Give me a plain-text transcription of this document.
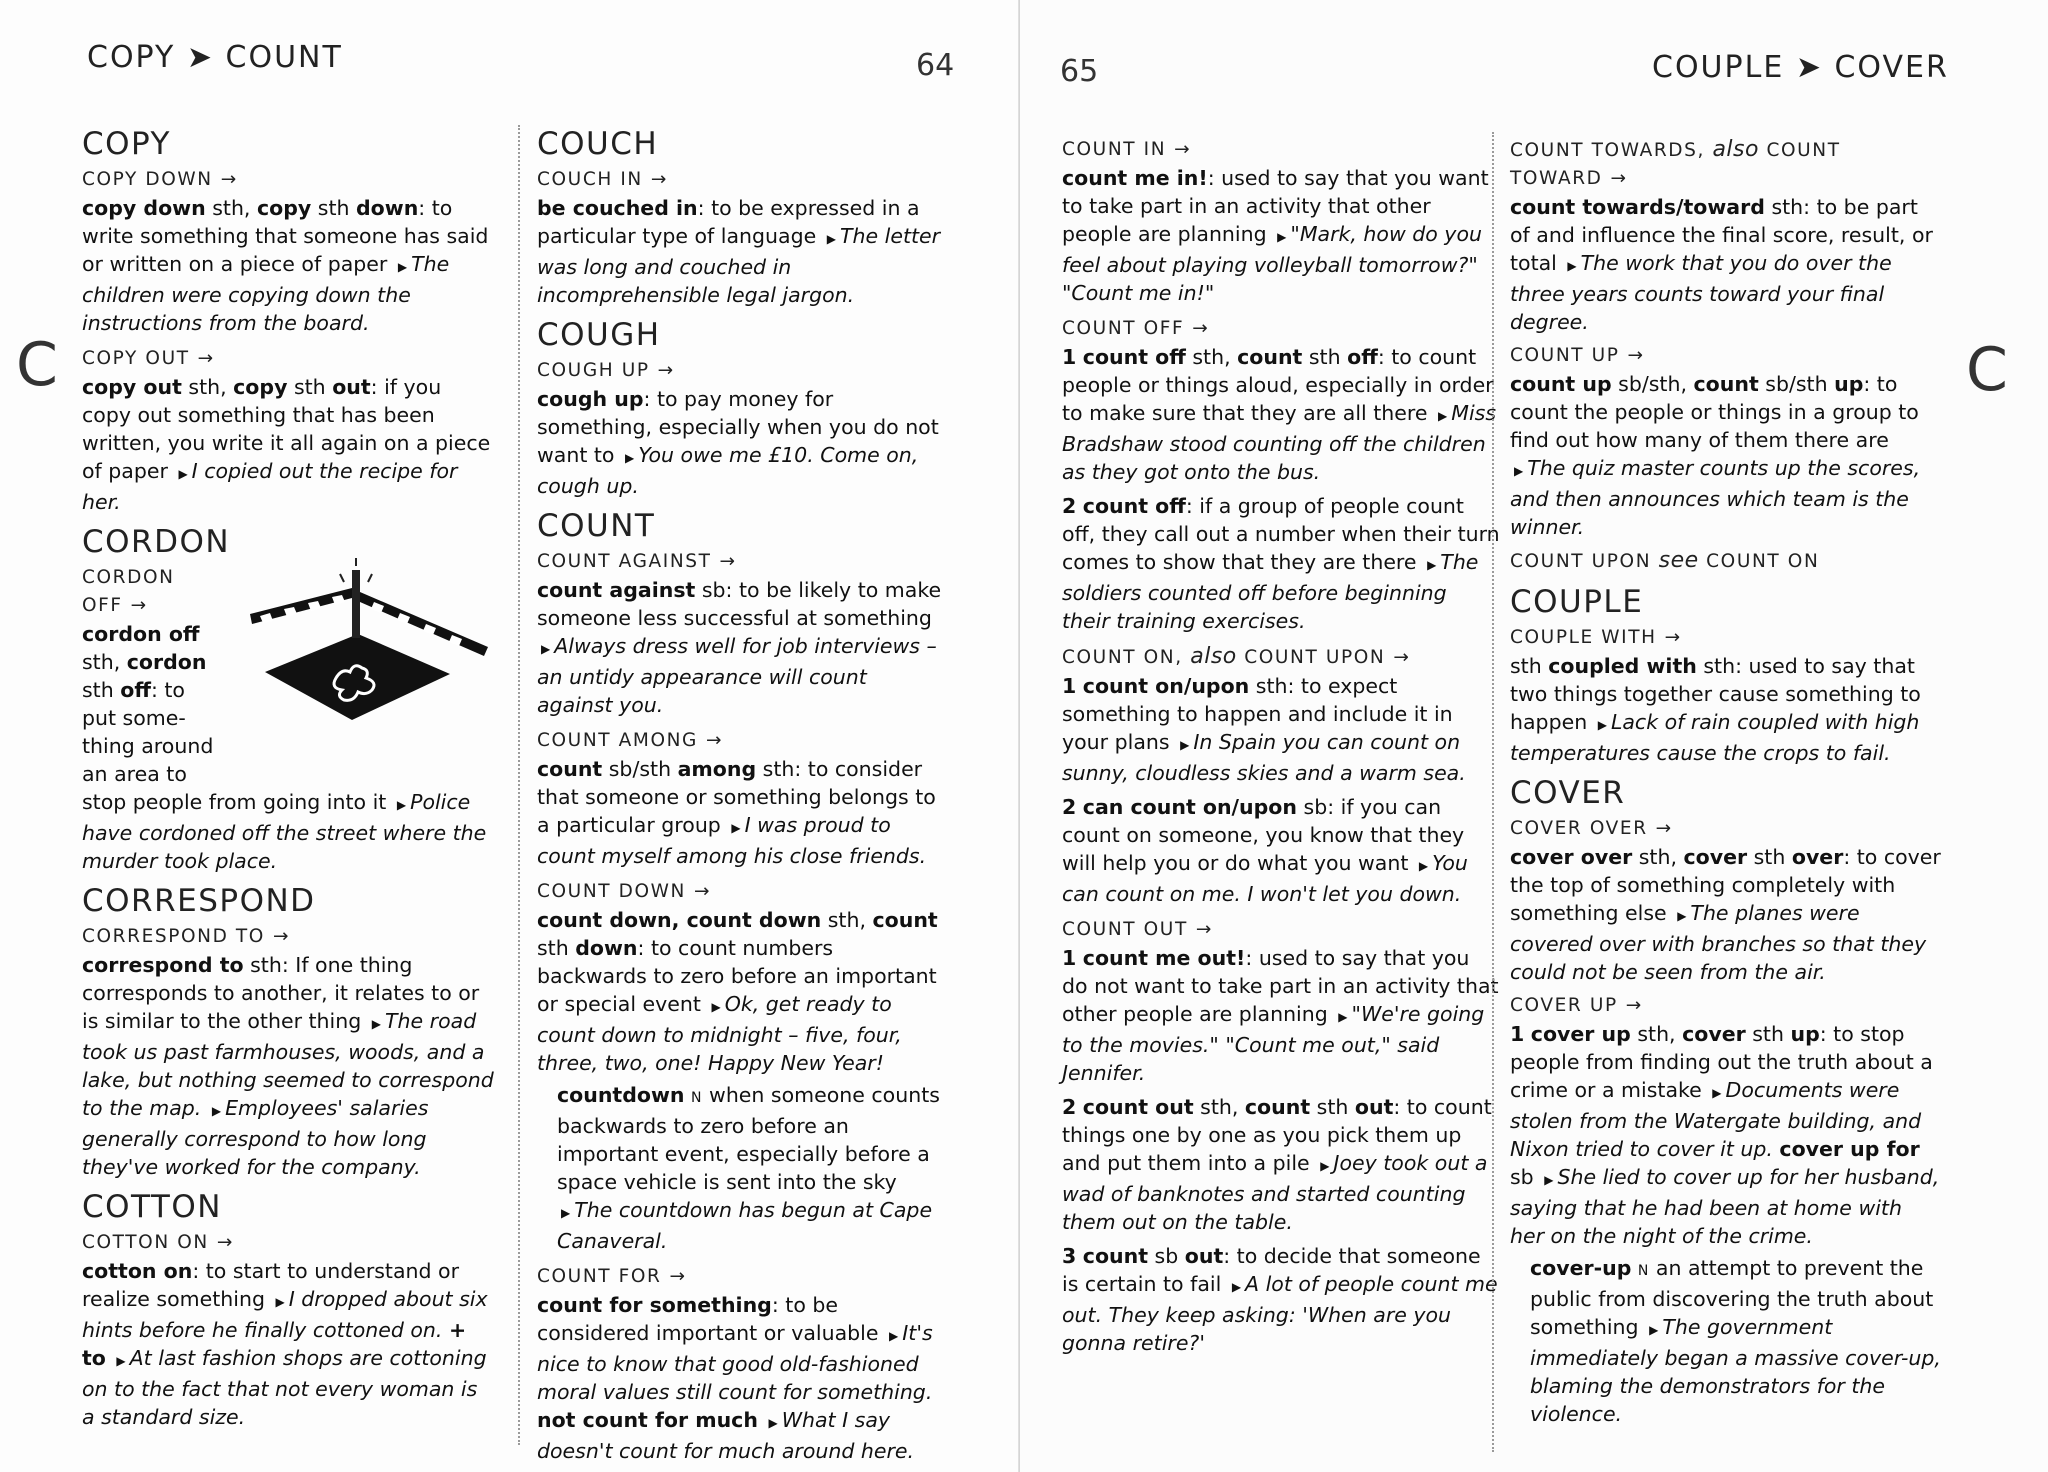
COPY ➤ COUNT	64
C
COPY
COPY DOWN →
copy down sth, copy sth down: to write something that someone has said or written on a piece of paper ▶ The children were copying down the instructions from the board.
COPY OUT →
copy out sth, copy sth out: if you copy out something that has been written, you write it all again on a piece of paper ▶ I copied out the recipe for her.
CORDON
CORDON
OFF →
cordon off
sth, cordon
sth off: to
put some-
thing around
an area to
stop people from going into it ▶ Police have cordoned off the street where the murder took place.
CORRESPOND
CORRESPOND TO →
correspond to sth: If one thing corresponds to another, it relates to or is similar to the other thing ▶ The road took us past farmhouses, woods, and a lake, but nothing seemed to correspond to the map. ▶ Employees' salaries generally correspond to how long they've worked for the company.
COTTON
COTTON ON →
cotton on: to start to understand or realize something ▶ I dropped about six hints before he finally cottoned on. + to ▶ At last fashion shops are cottoning on to the fact that not every woman is a standard size.
COUCH
COUCH IN →
be couched in: to be expressed in a particular type of language ▶ The letter was long and couched in incomprehensible legal jargon.
COUGH
COUGH UP →
cough up: to pay money for something, especially when you do not want to ▶ You owe me £10. Come on, cough up.
COUNT
COUNT AGAINST →
count against sb: to be likely to make someone less successful at something ▶ Always dress well for job interviews – an untidy appearance will count against you.
COUNT AMONG →
count sb/sth among sth: to consider that someone or something belongs to a particular group ▶ I was proud to count myself among his close friends.
COUNT DOWN →
count down, count down sth, count sth down: to count numbers backwards to zero before an important or special event ▶ Ok, get ready to count down to midnight – five, four, three, two, one! Happy New Year!
countdown N when someone counts backwards to zero before an important event, especially before a space vehicle is sent into the sky ▶ The countdown has begun at Cape Canaveral.
COUNT FOR →
count for something: to be considered important or valuable ▶ It's nice to know that good old-fashioned moral values still count for something. not count for much ▶ What I say doesn't count for much around here.
65	COUPLE ➤ COVER
C
COUNT IN →
count me in!: used to say that you want to take part in an activity that other people are planning ▶ "Mark, how do you feel about playing volleyball tomorrow?" "Count me in!"
COUNT OFF →
1 count off sth, count sth off: to count people or things aloud, especially in order to make sure that they are all there ▶ Miss Bradshaw stood counting off the children as they got onto the bus.
2 count off: if a group of people count off, they call out a number when their turn comes to show that they are there ▶ The soldiers counted off before beginning their training exercises.
COUNT ON, also COUNT UPON →
1 count on/upon sth: to expect something to happen and include it in your plans ▶ In Spain you can count on sunny, cloudless skies and a warm sea.
2 can count on/upon sb: if you can count on someone, you know that they will help you or do what you want ▶ You can count on me. I won't let you down.
COUNT OUT →
1 count me out!: used to say that you do not want to take part in an activity that other people are planning ▶ "We're going to the movies." "Count me out," said Jennifer.
2 count out sth, count sth out: to count things one by one as you pick them up and put them into a pile ▶ Joey took out a wad of banknotes and started counting them out on the table.
3 count sb out: to decide that someone is certain to fail ▶ A lot of people count me out. They keep asking: 'When are you gonna retire?'
COUNT TOWARDS, also COUNT
TOWARD →
count towards/toward sth: to be part of and influence the final score, result, or total ▶ The work that you do over the three years counts toward your final degree.
COUNT UP →
count up sb/sth, count sb/sth up: to count the people or things in a group to find out how many of them there are ▶ The quiz master counts up the scores, and then announces which team is the winner.
COUNT UPON see COUNT ON
COUPLE
COUPLE WITH →
sth coupled with sth: used to say that two things together cause something to happen ▶ Lack of rain coupled with high temperatures cause the crops to fail.
COVER
COVER OVER →
cover over sth, cover sth over: to cover the top of something completely with something else ▶ The planes were covered over with branches so that they could not be seen from the air.
COVER UP →
1 cover up sth, cover sth up: to stop people from finding out the truth about a crime or a mistake ▶ Documents were stolen from the Watergate building, and Nixon tried to cover it up. cover up for sb ▶ She lied to cover up for her husband, saying that he had been at home with her on the night of the crime.
cover-up N an attempt to prevent the public from discovering the truth about something ▶ The government immediately began a massive cover-up, blaming the demonstrators for the violence.
